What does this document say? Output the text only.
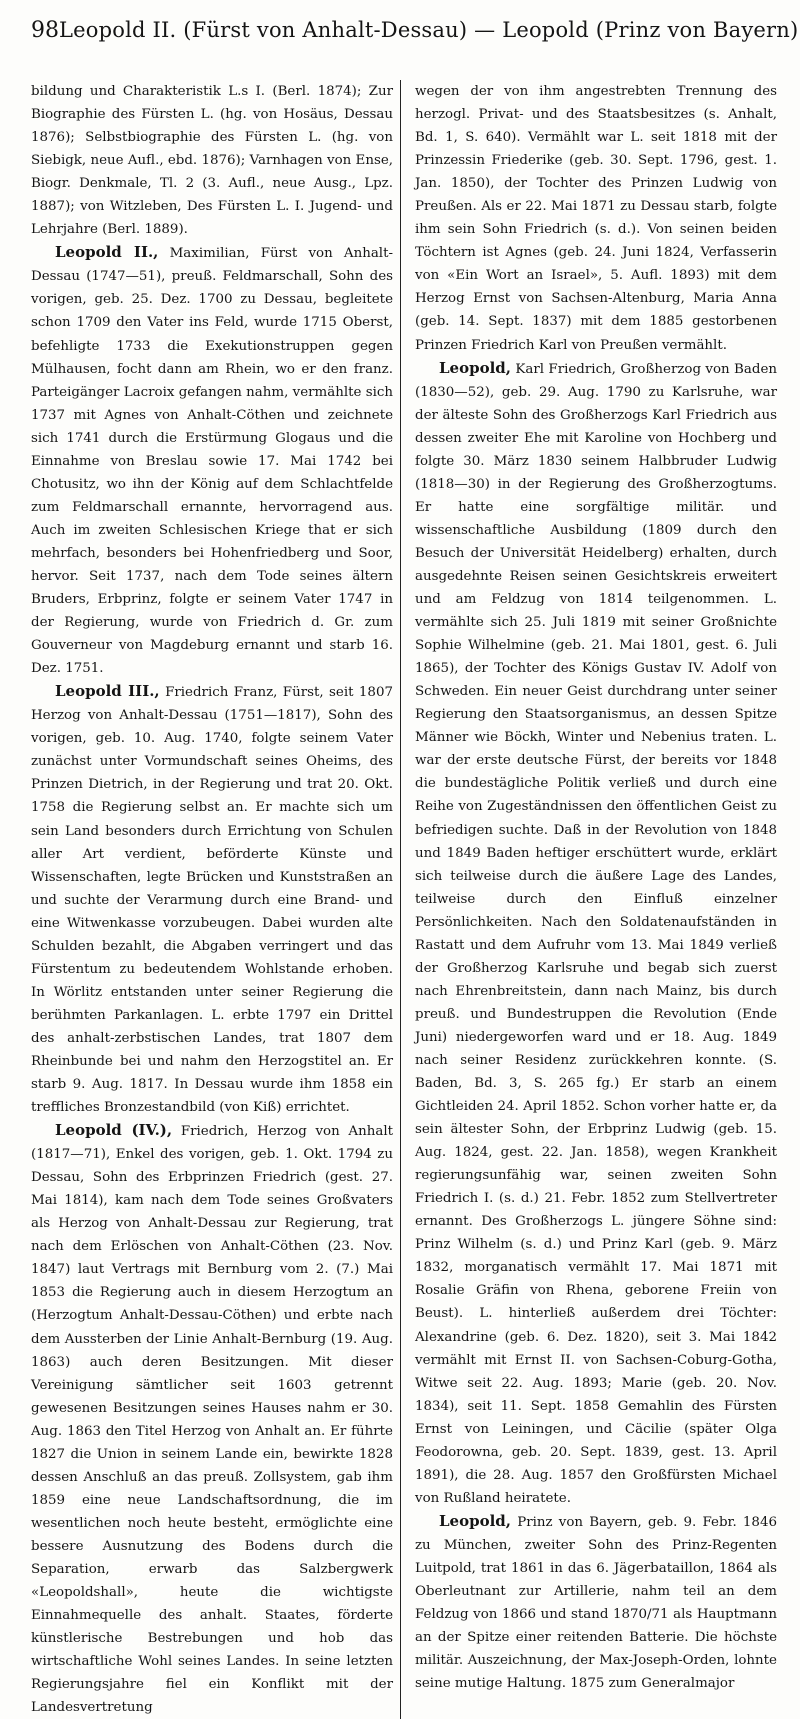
98 Leopold II. (Fürst von Anhalt-Dessau) — Leopold (Prinz von Bayern)

bildung und Charakteristik L.s I. (Berl. 1874); Zur Biographie des Fürsten L. (hg. von Hosäus, Dessau 1876); Selbstbiographie des Fürsten L. (hg. von Siebigk, neue Aufl., ebd. 1876); Varnhagen von Ense, Biogr. Denkmale, Tl. 2 (3. Aufl., neue Ausg., Lpz. 1887); von Witzleben, Des Fürsten L. I. Jugend- und Lehrjahre (Berl. 1889).

Leopold II., Maximilian, Fürst von Anhalt-Dessau (1747—51), preuß. Feldmarschall, Sohn des vorigen, geb. 25. Dez. 1700 zu Dessau, begleitete schon 1709 den Vater ins Feld, wurde 1715 Oberst, befehligte 1733 die Exekutionstruppen gegen Mülhausen, focht dann am Rhein, wo er den franz. Parteigänger Lacroix gefangen nahm, vermählte sich 1737 mit Agnes von Anhalt-Cöthen und zeichnete sich 1741 durch die Erstürmung Glogaus und die Einnahme von Breslau sowie 17. Mai 1742 bei Chotusitz, wo ihn der König auf dem Schlachtfelde zum Feldmarschall ernannte, hervorragend aus. Auch im zweiten Schlesischen Kriege that er sich mehrfach, besonders bei Hohenfriedberg und Soor, hervor. Seit 1737, nach dem Tode seines ältern Bruders, Erbprinz, folgte er seinem Vater 1747 in der Regierung, wurde von Friedrich d. Gr. zum Gouverneur von Magdeburg ernannt und starb 16. Dez. 1751.

Leopold III., Friedrich Franz, Fürst, seit 1807 Herzog von Anhalt-Dessau (1751—1817), Sohn des vorigen, geb. 10. Aug. 1740, folgte seinem Vater zunächst unter Vormundschaft seines Oheims, des Prinzen Dietrich, in der Regierung und trat 20. Okt. 1758 die Regierung selbst an. Er machte sich um sein Land besonders durch Errichtung von Schulen aller Art verdient, beförderte Künste und Wissenschaften, legte Brücken und Kunststraßen an und suchte der Verarmung durch eine Brand- und eine Witwenkasse vorzubeugen. Dabei wurden alte Schulden bezahlt, die Abgaben verringert und das Fürstentum zu bedeutendem Wohlstande erhoben. In Wörlitz entstanden unter seiner Regierung die berühmten Parkanlagen. L. erbte 1797 ein Drittel des anhalt-zerbstischen Landes, trat 1807 dem Rheinbunde bei und nahm den Herzogstitel an. Er starb 9. Aug. 1817. In Dessau wurde ihm 1858 ein treffliches Bronzestandbild (von Kiß) errichtet.

Leopold (IV.), Friedrich, Herzog von Anhalt (1817—71), Enkel des vorigen, geb. 1. Okt. 1794 zu Dessau, Sohn des Erbprinzen Friedrich (gest. 27. Mai 1814), kam nach dem Tode seines Großvaters als Herzog von Anhalt-Dessau zur Regierung, trat nach dem Erlöschen von Anhalt-Cöthen (23. Nov. 1847) laut Vertrags mit Bernburg vom 2. (7.) Mai 1853 die Regierung auch in diesem Herzogtum an (Herzogtum Anhalt-Dessau-Cöthen) und erbte nach dem Aussterben der Linie Anhalt-Bernburg (19. Aug. 1863) auch deren Besitzungen. Mit dieser Vereinigung sämtlicher seit 1603 getrennt gewesenen Besitzungen seines Hauses nahm er 30. Aug. 1863 den Titel Herzog von Anhalt an. Er führte 1827 die Union in seinem Lande ein, bewirkte 1828 dessen Anschluß an das preuß. Zollsystem, gab ihm 1859 eine neue Landschaftsordnung, die im wesentlichen noch heute besteht, ermöglichte eine bessere Ausnutzung des Bodens durch die Separation, erwarb das Salzbergwerk «Leopoldshall», heute die wichtigste Einnahmequelle des anhalt. Staates, förderte künstlerische Bestrebungen und hob das wirtschaftliche Wohl seines Landes. In seine letzten Regierungsjahre fiel ein Konflikt mit der Landesvertretung

wegen der von ihm angestrebten Trennung des herzogl. Privat- und des Staatsbesitzes (s. Anhalt, Bd. 1, S. 640). Vermählt war L. seit 1818 mit der Prinzessin Friederike (geb. 30. Sept. 1796, gest. 1. Jan. 1850), der Tochter des Prinzen Ludwig von Preußen. Als er 22. Mai 1871 zu Dessau starb, folgte ihm sein Sohn Friedrich (s. d.). Von seinen beiden Töchtern ist Agnes (geb. 24. Juni 1824, Verfasserin von «Ein Wort an Israel», 5. Aufl. 1893) mit dem Herzog Ernst von Sachsen-Altenburg, Maria Anna (geb. 14. Sept. 1837) mit dem 1885 gestorbenen Prinzen Friedrich Karl von Preußen vermählt.

Leopold, Karl Friedrich, Großherzog von Baden (1830—52), geb. 29. Aug. 1790 zu Karlsruhe, war der älteste Sohn des Großherzogs Karl Friedrich aus dessen zweiter Ehe mit Karoline von Hochberg und folgte 30. März 1830 seinem Halbbruder Ludwig (1818—30) in der Regierung des Großherzogtums. Er hatte eine sorgfältige militär. und wissenschaftliche Ausbildung (1809 durch den Besuch der Universität Heidelberg) erhalten, durch ausgedehnte Reisen seinen Gesichtskreis erweitert und am Feldzug von 1814 teilgenommen. L. vermählte sich 25. Juli 1819 mit seiner Großnichte Sophie Wilhelmine (geb. 21. Mai 1801, gest. 6. Juli 1865), der Tochter des Königs Gustav IV. Adolf von Schweden. Ein neuer Geist durchdrang unter seiner Regierung den Staatsorganismus, an dessen Spitze Männer wie Böckh, Winter und Nebenius traten. L. war der erste deutsche Fürst, der bereits vor 1848 die bundestägliche Politik verließ und durch eine Reihe von Zugeständnissen den öffentlichen Geist zu befriedigen suchte. Daß in der Revolution von 1848 und 1849 Baden heftiger erschüttert wurde, erklärt sich teilweise durch die äußere Lage des Landes, teilweise durch den Einfluß einzelner Persönlichkeiten. Nach den Soldatenaufständen in Rastatt und dem Aufruhr vom 13. Mai 1849 verließ der Großherzog Karlsruhe und begab sich zuerst nach Ehrenbreitstein, dann nach Mainz, bis durch preuß. und Bundestruppen die Revolution (Ende Juni) niedergeworfen ward und er 18. Aug. 1849 nach seiner Residenz zurückkehren konnte. (S. Baden, Bd. 3, S. 265 fg.) Er starb an einem Gichtleiden 24. April 1852. Schon vorher hatte er, da sein ältester Sohn, der Erbprinz Ludwig (geb. 15. Aug. 1824, gest. 22. Jan. 1858), wegen Krankheit regierungsunfähig war, seinen zweiten Sohn Friedrich I. (s. d.) 21. Febr. 1852 zum Stellvertreter ernannt. Des Großherzogs L. jüngere Söhne sind: Prinz Wilhelm (s. d.) und Prinz Karl (geb. 9. März 1832, morganatisch vermählt 17. Mai 1871 mit Rosalie Gräfin von Rhena, geborene Freiin von Beust). L. hinterließ außerdem drei Töchter: Alexandrine (geb. 6. Dez. 1820), seit 3. Mai 1842 vermählt mit Ernst II. von Sachsen-Coburg-Gotha, Witwe seit 22. Aug. 1893; Marie (geb. 20. Nov. 1834), seit 11. Sept. 1858 Gemahlin des Fürsten Ernst von Leiningen, und Cäcilie (später Olga Feodorowna, geb. 20. Sept. 1839, gest. 13. April 1891), die 28. Aug. 1857 den Großfürsten Michael von Rußland heiratete.

Leopold, Prinz von Bayern, geb. 9. Febr. 1846 zu München, zweiter Sohn des Prinz-Regenten Luitpold, trat 1861 in das 6. Jägerbataillon, 1864 als Oberleutnant zur Artillerie, nahm teil an dem Feldzug von 1866 und stand 1870/71 als Hauptmann an der Spitze einer reitenden Batterie. Die höchste militär. Auszeichnung, der Max-Joseph-Orden, lohnte seine mutige Haltung. 1875 zum Generalmajor
